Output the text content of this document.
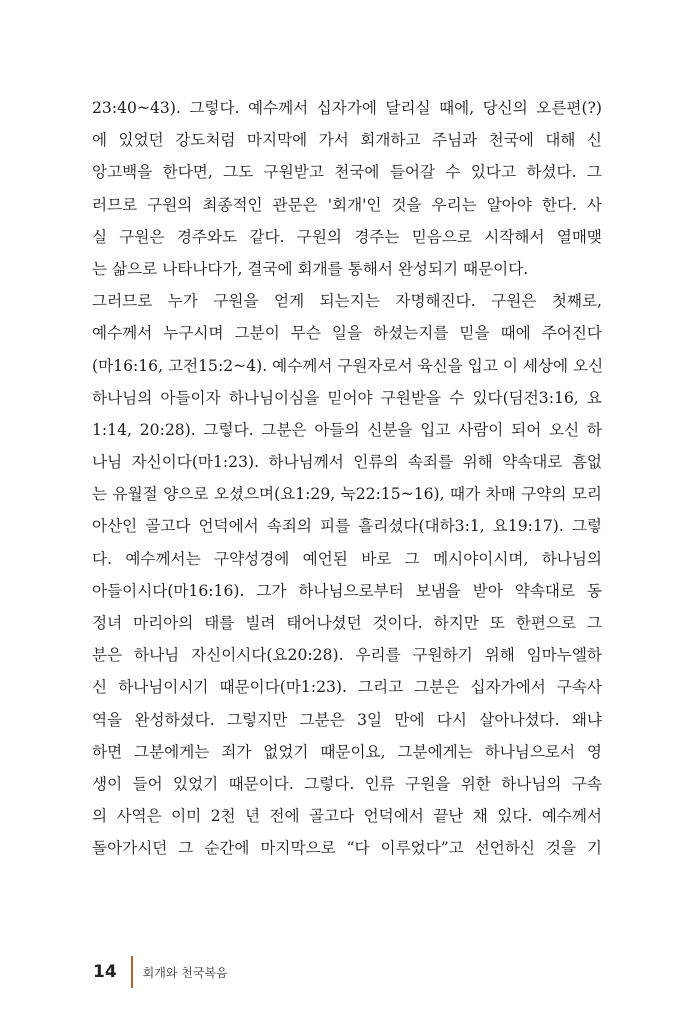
23:40~43). 그렇다. 예수께서 십자가에 달리실 때에, 당신의 오른편(?)
에 있었던 강도처럼 마지막에 가서 회개하고 주님과 천국에 대해 신
앙고백을 한다면, 그도 구원받고 천국에 들어갈 수 있다고 하셨다. 그
러므로 구원의 최종적인 관문은 '회개'인 것을 우리는 알아야 한다. 사
실 구원은 경주와도 같다. 구원의 경주는 믿음으로 시작해서 열매맺
는 삶으로 나타나다가, 결국에 회개를 통해서 완성되기 때문이다.
그러므로 누가 구원을 얻게 되는지는 자명해진다. 구원은 첫째로,
예수께서 누구시며 그분이 무슨 일을 하셨는지를 믿을 때에 주어진다
(마16:16, 고전15:2~4). 예수께서 구원자로서 육신을 입고 이 세상에 오신
하나님의 아들이자 하나님이심을 믿어야 구원받을 수 있다(딤전3:16, 요
1:14, 20:28). 그렇다. 그분은 아들의 신분을 입고 사람이 되어 오신 하
나님 자신이다(마1:23). 하나님께서 인류의 속죄를 위해 약속대로 흠없
는 유월절 양으로 오셨으며(요1:29, 눅22:15~16), 때가 차매 구약의 모리
아산인 골고다 언덕에서 속죄의 피를 흘리셨다(대하3:1, 요19:17). 그렇
다. 예수께서는 구약성경에 예언된 바로 그 메시야이시며, 하나님의
아들이시다(마16:16). 그가 하나님으로부터 보냄을 받아 약속대로 동
정녀 마리아의 태를 빌려 태어나셨던 것이다. 하지만 또 한편으로 그
분은 하나님 자신이시다(요20:28). 우리를 구원하기 위해 임마누엘하
신 하나님이시기 때문이다(마1:23). 그리고 그분은 십자가에서 구속사
역을 완성하셨다. 그렇지만 그분은 3일 만에 다시 살아나셨다. 왜냐
하면 그분에게는 죄가 없었기 때문이요, 그분에게는 하나님으로서 영
생이 들어 있었기 때문이다. 그렇다. 인류 구원을 위한 하나님의 구속
의 사역은 이미 2천 년 전에 골고다 언덕에서 끝난 채 있다. 예수께서
돌아가시던 그 순간에 마지막으로 “다 이루었다”고 선언하신 것을 기
14 회개와 천국복음
